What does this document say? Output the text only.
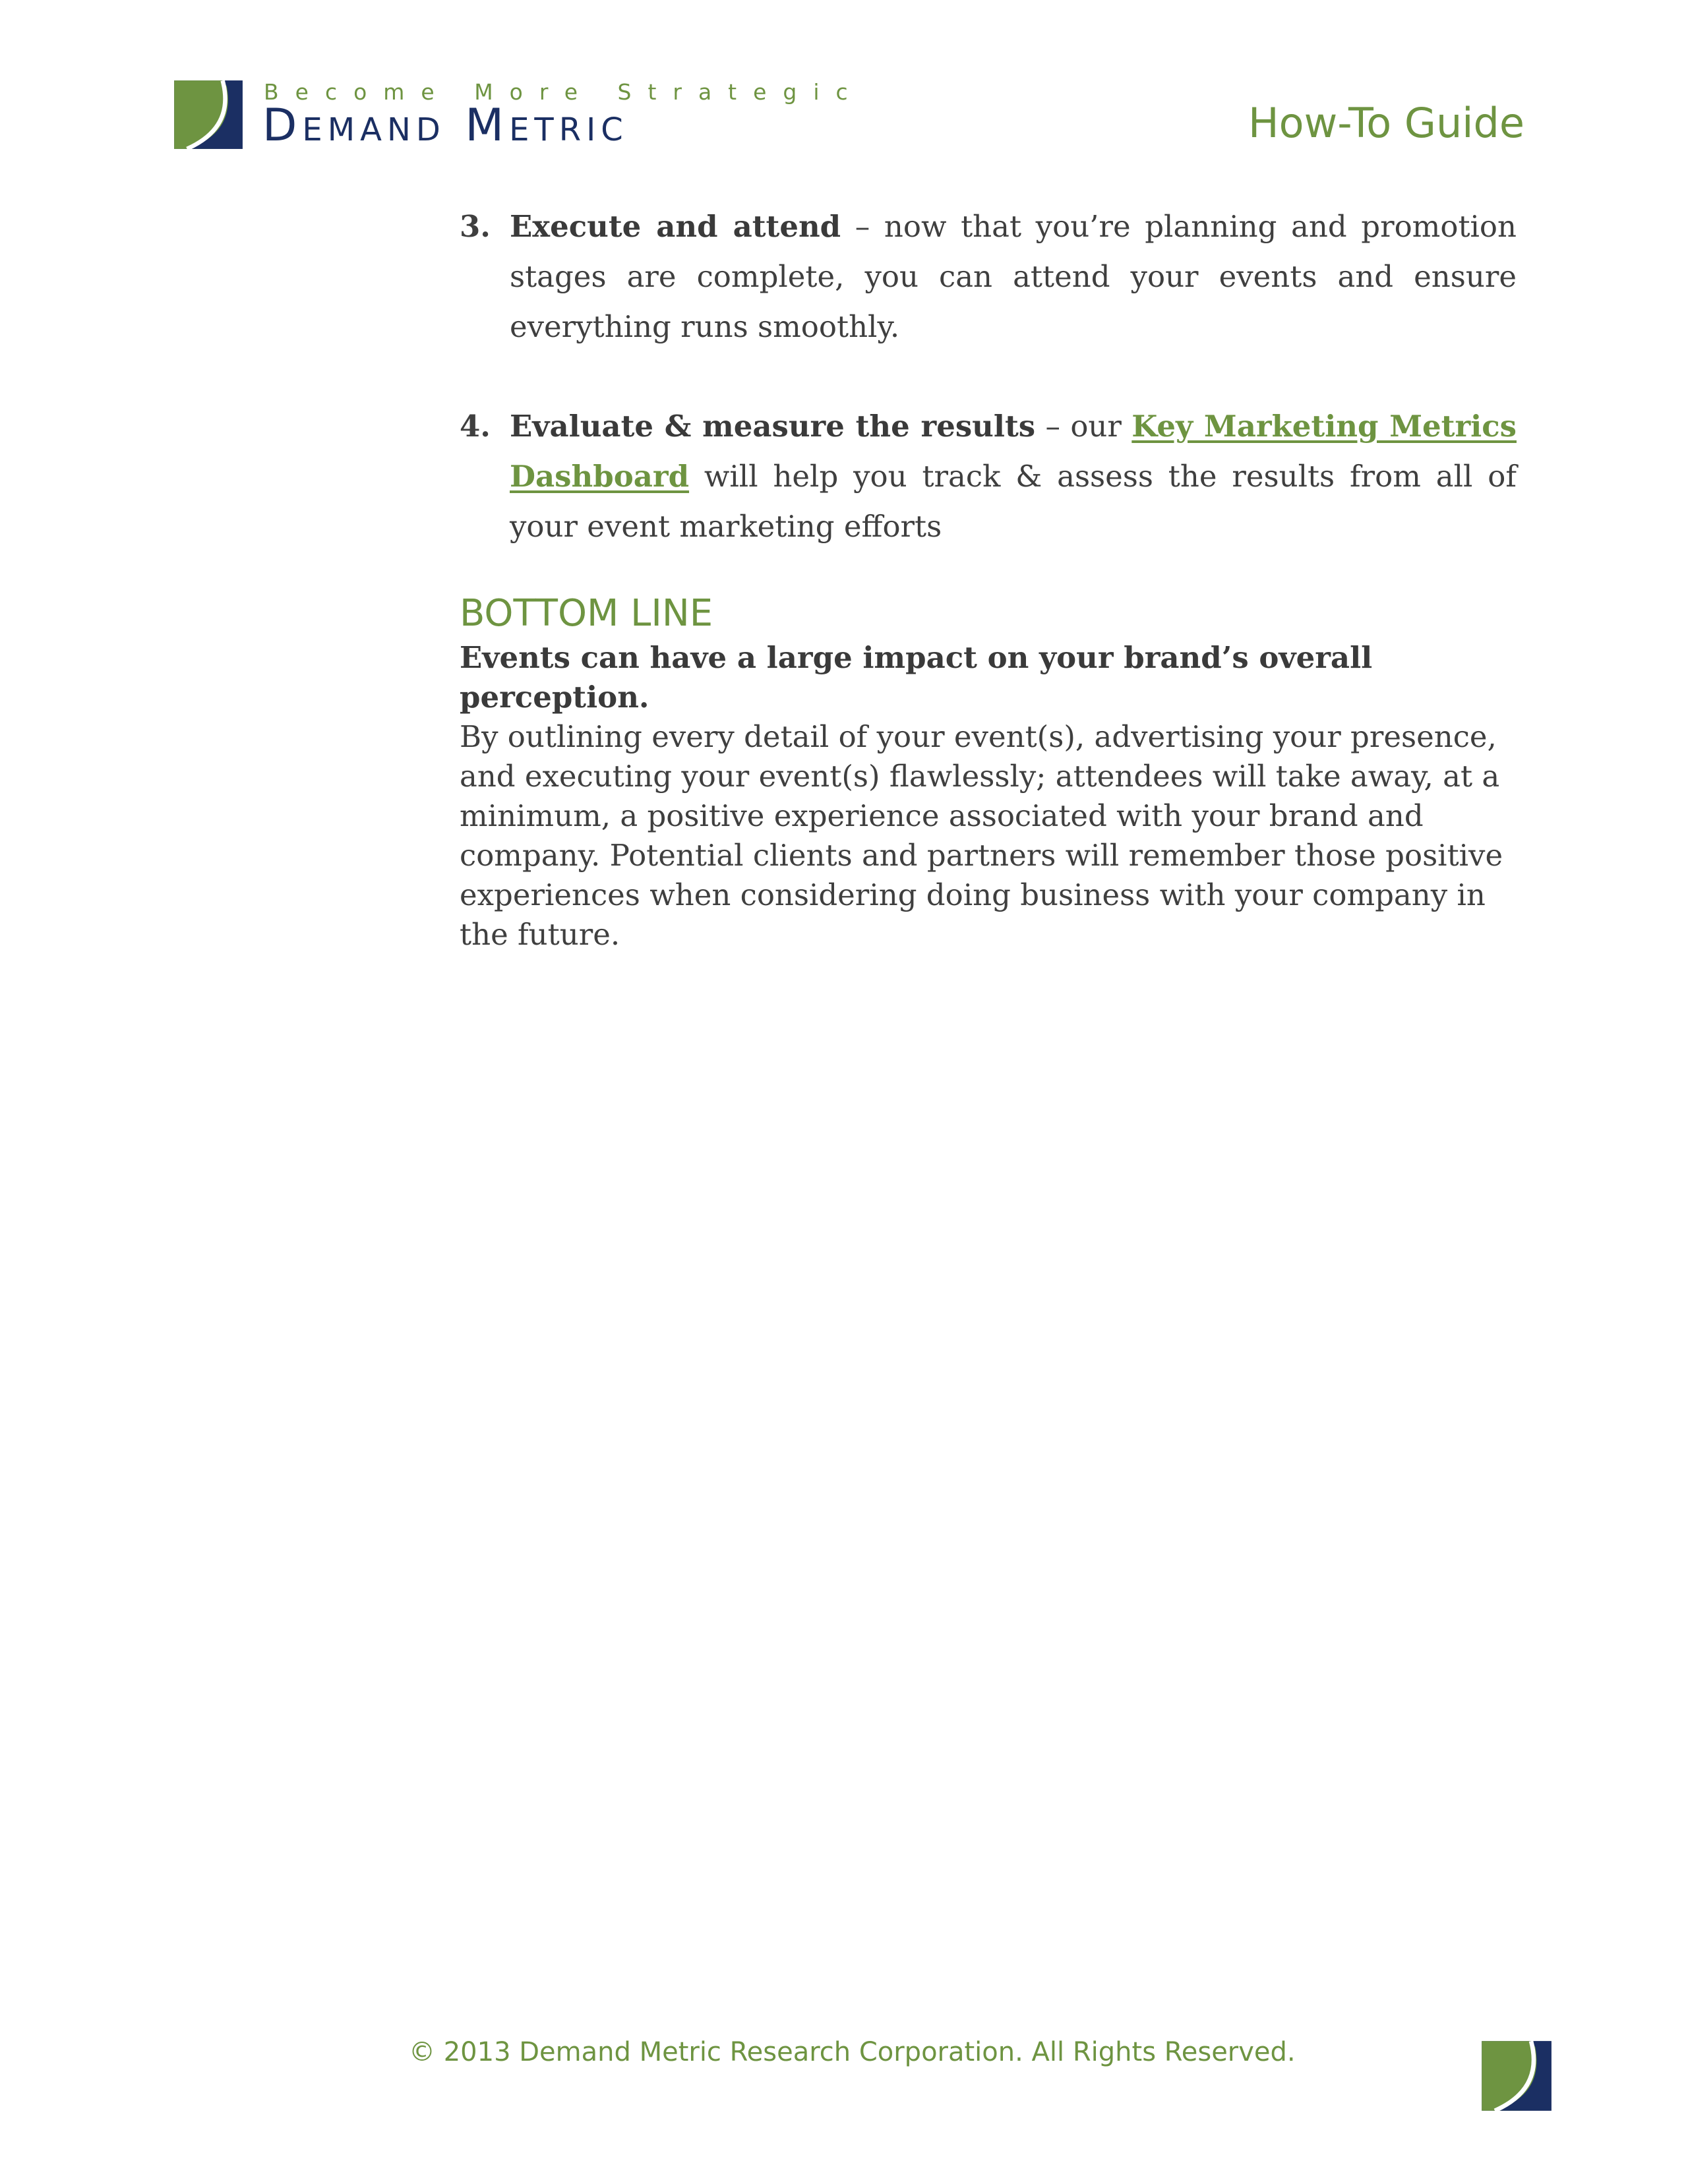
Become More Strategic
Demand Metric	How-To Guide
3. Execute and attend – now that you’re planning and promotion stages are complete, you can attend your events and ensure everything runs smoothly.
4. Evaluate & measure the results – our Key Marketing Metrics Dashboard will help you track & assess the results from all of your event marketing efforts
BOTTOM LINE
Events can have a large impact on your brand’s overall perception.
By outlining every detail of your event(s), advertising your presence, and executing your event(s) flawlessly; attendees will take away, at a minimum, a positive experience associated with your brand and company. Potential clients and partners will remember those positive experiences when considering doing business with your company in the future.
© 2013 Demand Metric Research Corporation. All Rights Reserved.
